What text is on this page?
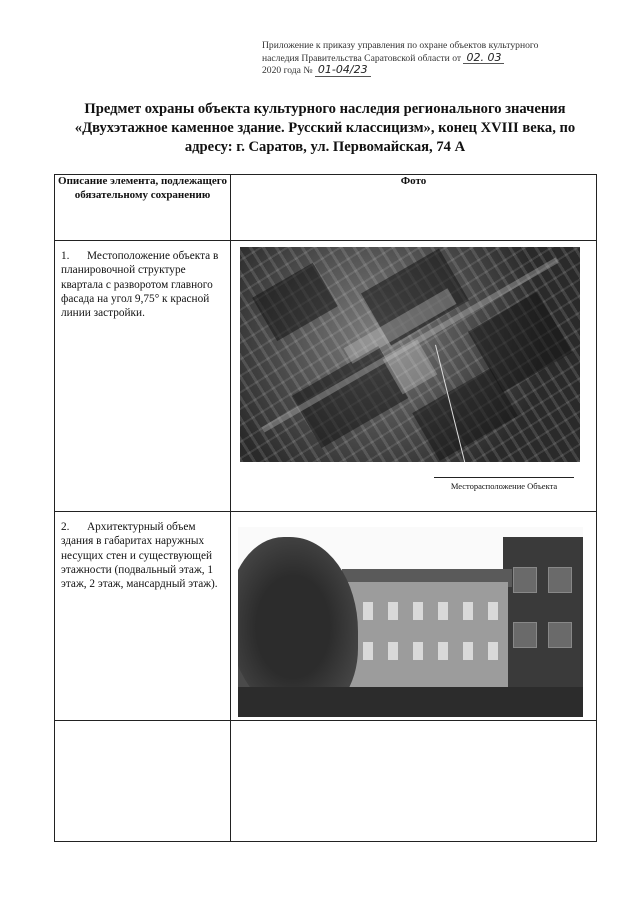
Приложение к приказу управления по охране объектов культурного
наследия Правительства Саратовской области от 02. 03
2020 года № 01-04/23
Предмет охраны объекта культурного наследия регионального значения
«Двухэтажное каменное здание. Русский классицизм», конец XVIII века, по
адресу: г. Саратов, ул. Первомайская, 74 А
Описание элемента, подлежащего обязательному сохранению	Фото

1. Местоположение объекта в планировочной структуре квартала с разворотом главного фасада на угол 9,75° к красной линии застройки.	Месторасположение Объекта

2. Архитектурный объем здания в габаритах наружных несущих стен и существующей этажности (подвальный этаж, 1 этаж, 2 этаж, мансардный этаж).	
